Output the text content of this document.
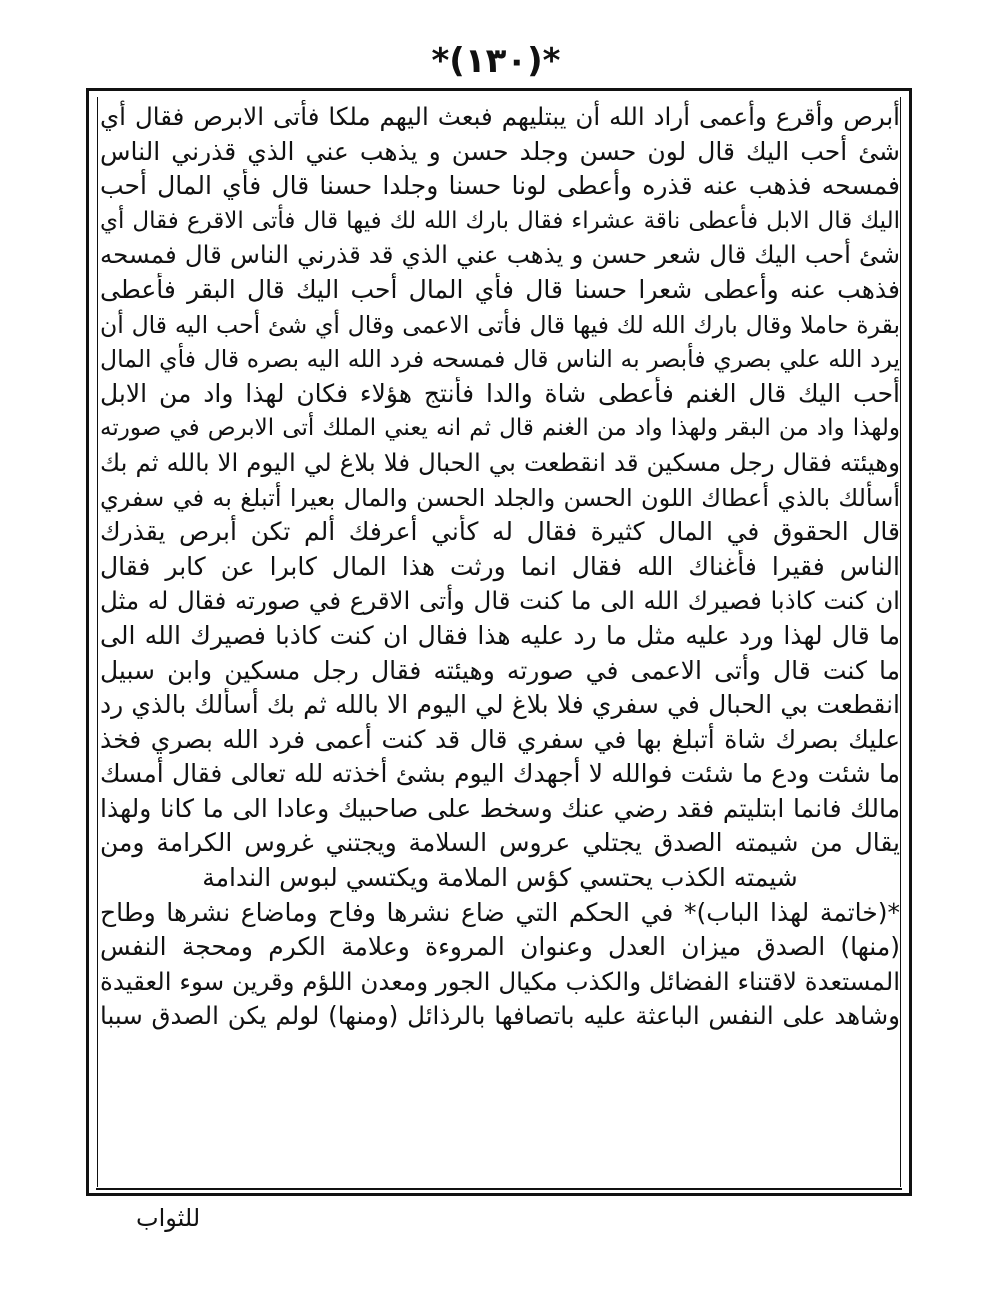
*(١٣٠)*
أبرص وأقرع وأعمى أراد الله أن يبتليهم فبعث اليهم ملكا فأتى الابرص فقال أي
شئ أحب اليك قال لون حسن وجلد حسن و يذهب عني الذي قذرني الناس
فمسحه فذهب عنه قذره وأعطى لونا حسنا وجلدا حسنا قال فأي المال أحب
اليك قال الابل فأعطى ناقة عشراء فقال بارك الله لك فيها قال فأتى الاقرع فقال أي
شئ أحب اليك قال شعر حسن و يذهب عني الذي قد قذرني الناس قال فمسحه
فذهب عنه وأعطى شعرا حسنا قال فأي المال أحب اليك قال البقر فأعطى
بقرة حاملا وقال بارك الله لك فيها قال فأتى الاعمى وقال أي شئ أحب اليه قال أن
يرد الله علي بصري فأبصر به الناس قال فمسحه فرد الله اليه بصره قال فأي المال
أحب اليك قال الغنم فأعطى شاة والدا فأنتج هؤلاء فكان لهذا واد من الابل
ولهذا واد من البقر ولهذا واد من الغنم قال ثم انه يعني الملك أتى الابرص في صورته
وهيئته فقال رجل مسكين قد انقطعت بي الحبال فلا بلاغ لي اليوم الا بالله ثم بك
أسألك بالذي أعطاك اللون الحسن والجلد الحسن والمال بعيرا أتبلغ به في سفري
قال الحقوق في المال كثيرة فقال له كأني أعرفك ألم تكن أبرص يقذرك
الناس فقيرا فأغناك الله فقال انما ورثت هذا المال كابرا عن كابر فقال
ان كنت كاذبا فصيرك الله الى ما كنت قال وأتى الاقرع في صورته فقال له مثل
ما قال لهذا ورد عليه مثل ما رد عليه هذا فقال ان كنت كاذبا فصيرك الله الى
ما كنت قال وأتى الاعمى في صورته وهيئته فقال رجل مسكين وابن سبيل
انقطعت بي الحبال في سفري فلا بلاغ لي اليوم الا بالله ثم بك أسألك بالذي رد
عليك بصرك شاة أتبلغ بها في سفري قال قد كنت أعمى فرد الله بصري فخذ
ما شئت ودع ما شئت فوالله لا أجهدك اليوم بشئ أخذته لله تعالى فقال أمسك
مالك فانما ابتليتم فقد رضي عنك وسخط على صاحبيك وعادا الى ما كانا ولهذا
يقال من شيمته الصدق يجتلي عروس السلامة ويجتني غروس الكرامة ومن
شيمته الكذب يحتسي كؤس الملامة ويكتسي لبوس الندامة
*(خاتمة لهذا الباب)* في الحكم التي ضاع نشرها وفاح وماضاع نشرها وطاح
(منها) الصدق ميزان العدل وعنوان المروءة وعلامة الكرم ومحجة النفس
المستعدة لاقتناء الفضائل والكذب مكيال الجور ومعدن اللؤم وقرين سوء العقيدة
وشاهد على النفس الباعثة عليه باتصافها بالرذائل (ومنها) لولم يكن الصدق سببا
للثواب
